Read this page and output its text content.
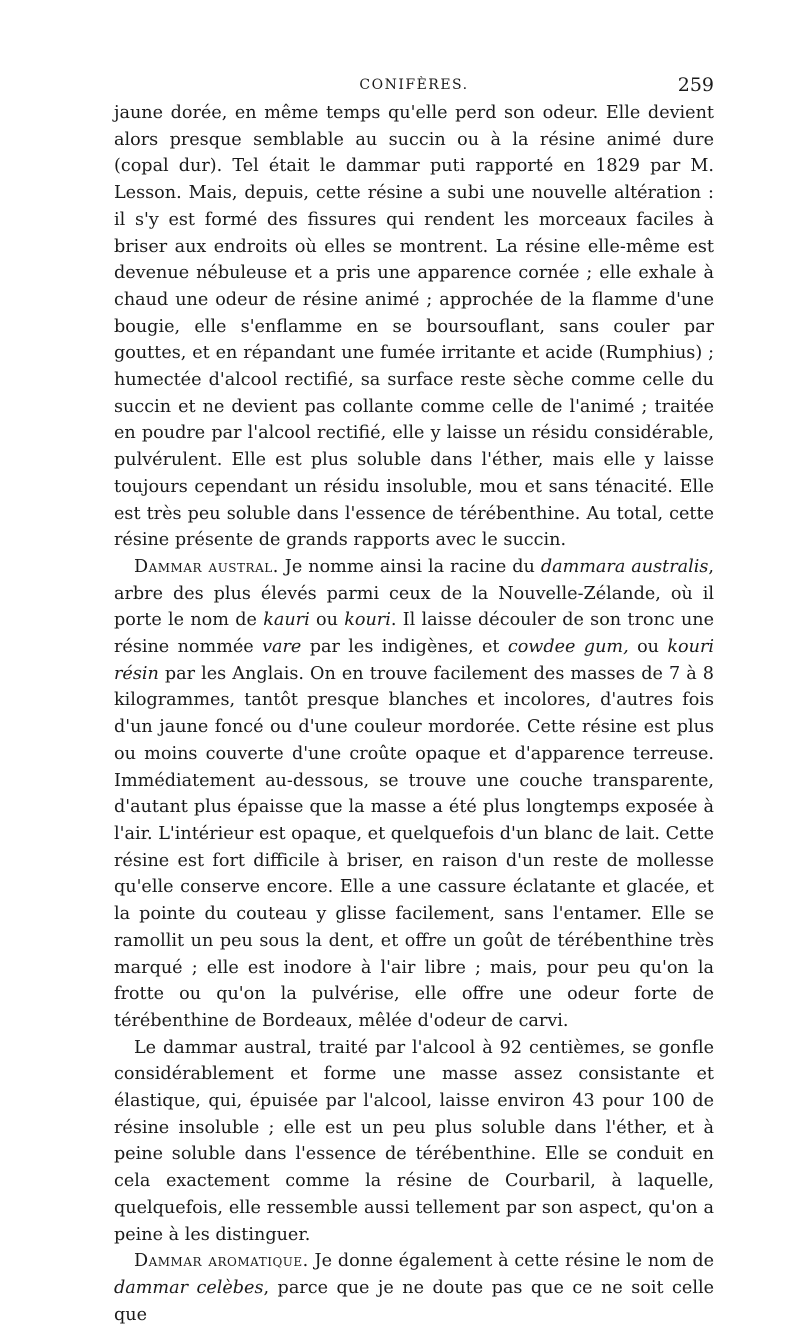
CONIFÈRES.	259

jaune dorée, en même temps qu'elle perd son odeur. Elle devient alors presque semblable au succin ou à la résine animé dure (copal dur). Tel était le dammar puti rapporté en 1829 par M. Lesson. Mais, depuis, cette résine a subi une nouvelle altération : il s'y est formé des fissures qui rendent les morceaux faciles à briser aux endroits où elles se montrent. La résine elle-même est devenue nébuleuse et a pris une apparence cornée ; elle exhale à chaud une odeur de résine animé ; approchée de la flamme d'une bougie, elle s'enflamme en se boursouflant, sans couler par gouttes, et en répandant une fumée irritante et acide (Rumphius) ; humectée d'alcool rectifié, sa surface reste sèche comme celle du succin et ne devient pas collante comme celle de l'animé ; traitée en poudre par l'alcool rectifié, elle y laisse un résidu considérable, pulvérulent. Elle est plus soluble dans l'éther, mais elle y laisse toujours cependant un résidu insoluble, mou et sans ténacité. Elle est très peu soluble dans l'essence de térébenthine. Au total, cette résine présente de grands rapports avec le succin.

Dammar austral. Je nomme ainsi la racine du dammara australis, arbre des plus élevés parmi ceux de la Nouvelle-Zélande, où il porte le nom de kauri ou kouri. Il laisse découler de son tronc une résine nommée vare par les indigènes, et cowdee gum, ou kouri résin par les Anglais. On en trouve facilement des masses de 7 à 8 kilogrammes, tantôt presque blanches et incolores, d'autres fois d'un jaune foncé ou d'une couleur mordorée. Cette résine est plus ou moins couverte d'une croûte opaque et d'apparence terreuse. Immédiatement au-dessous, se trouve une couche transparente, d'autant plus épaisse que la masse a été plus longtemps exposée à l'air. L'intérieur est opaque, et quelquefois d'un blanc de lait. Cette résine est fort difficile à briser, en raison d'un reste de mollesse qu'elle conserve encore. Elle a une cassure éclatante et glacée, et la pointe du couteau y glisse facilement, sans l'entamer. Elle se ramollit un peu sous la dent, et offre un goût de térébenthine très marqué ; elle est inodore à l'air libre ; mais, pour peu qu'on la frotte ou qu'on la pulvérise, elle offre une odeur forte de térébenthine de Bordeaux, mêlée d'odeur de carvi.

Le dammar austral, traité par l'alcool à 92 centièmes, se gonfle considérablement et forme une masse assez consistante et élastique, qui, épuisée par l'alcool, laisse environ 43 pour 100 de résine insoluble ; elle est un peu plus soluble dans l'éther, et à peine soluble dans l'essence de térébenthine. Elle se conduit en cela exactement comme la résine de Courbaril, à laquelle, quelquefois, elle ressemble aussi tellement par son aspect, qu'on a peine à les distinguer.

Dammar aromatique. Je donne également à cette résine le nom de dammar celèbes, parce que je ne doute pas que ce ne soit celle que
